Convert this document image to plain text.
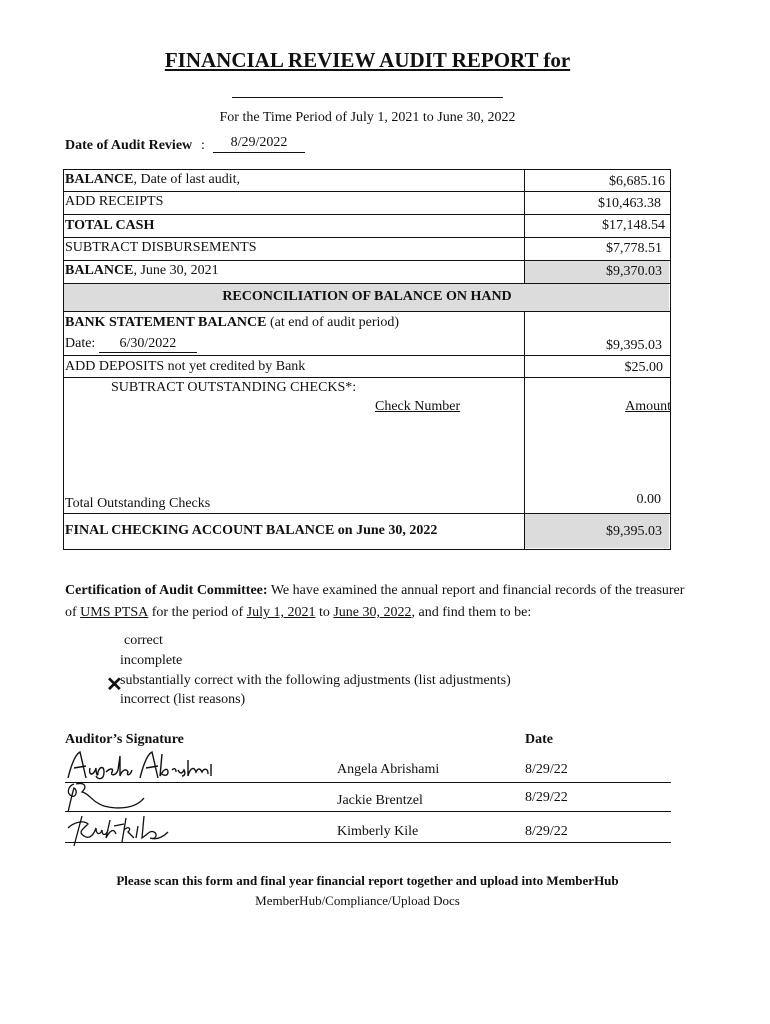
FINANCIAL REVIEW AUDIT REPORT for
For the Time Period of July 1, 2021 to June 30, 2022
Date of Audit Review :	8/29/2022
BALANCE, Date of last audit,	$6,685.16
ADD RECEIPTS	$10,463.38
TOTAL CASH	$17,148.54
SUBTRACT DISBURSEMENTS	$7,778.51
BALANCE, June 30, 2021	$9,370.03
RECONCILIATION OF BALANCE ON HAND
BANK STATEMENT BALANCE (at end of audit period)
Date: 6/30/2022	$9,395.03
ADD DEPOSITS not yet credited by Bank	$25.00
SUBTRACT OUTSTANDING CHECKS*:
Check Number	Amount
Total Outstanding Checks	0.00
FINAL CHECKING ACCOUNT BALANCE on June 30, 2022	$9,395.03
Certification of Audit Committee: We have examined the annual report and financial records of the treasurer of UMS PTSA for the period of July 1, 2021 to June 30, 2022, and find them to be:
correct
incomplete
substantially correct with the following adjustments (list adjustments)
incorrect (list reasons)
✕
Auditor’s Signature	Date
Angela Abrishami
Angela Abrishami	8/29/22
Jackie Brentzel
Jackie Brentzel	8/29/22
Kimberly Kile
Kimberly Kile	8/29/22
Please scan this form and final year financial report together and upload into MemberHub
MemberHub/Compliance/Upload Docs
